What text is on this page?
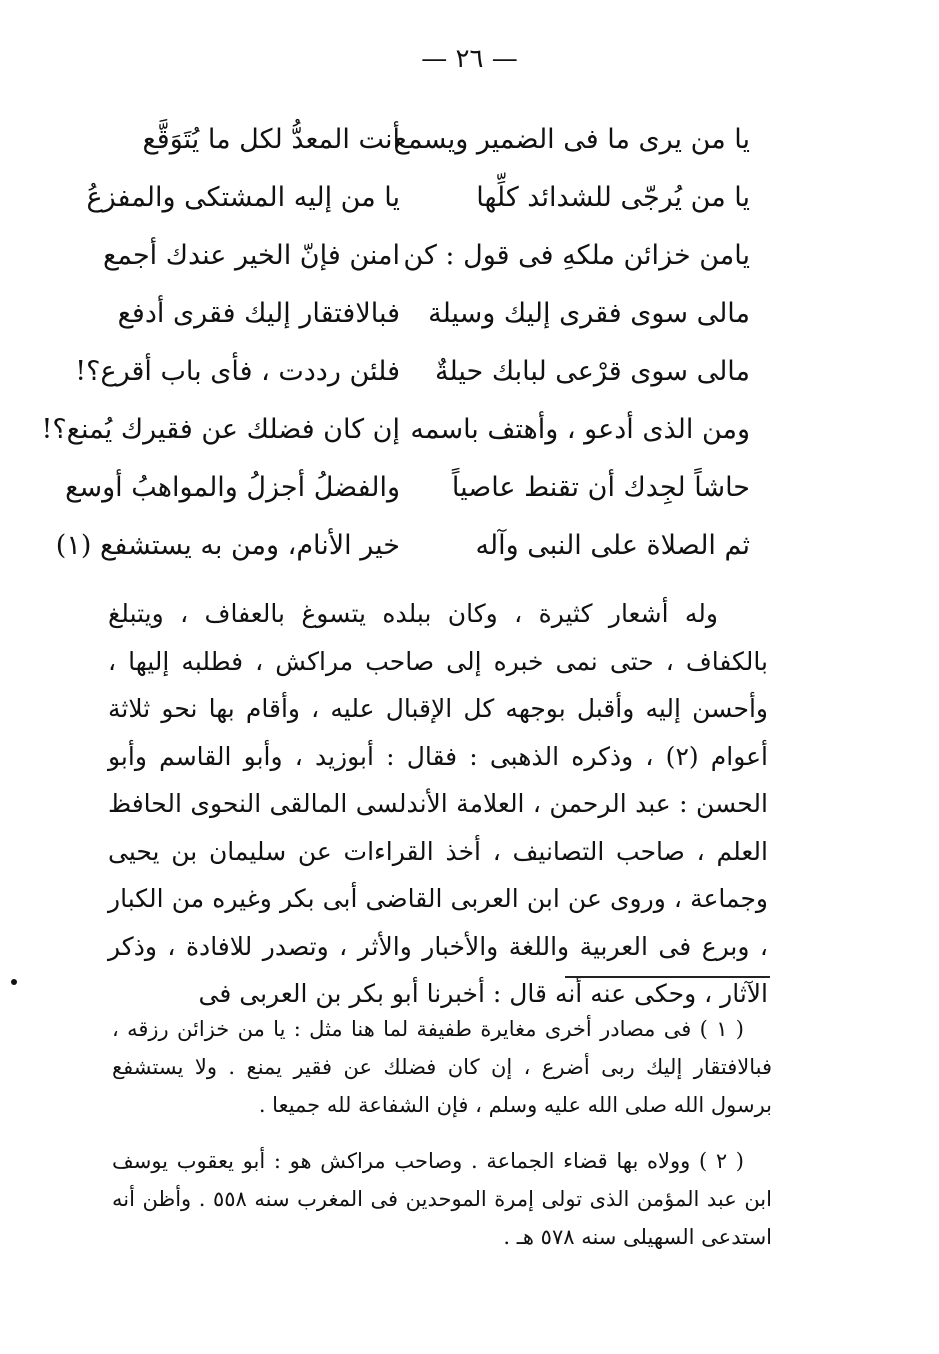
— ٢٦ —
يا من يرى ما فى الضمير ويسمع
أنت المعدُّ لكل ما يُتَوَقَّع
يا من يُرجّى للشدائد كلِّها
يا من إليه المشتكى والمفزعُ
يامن خزائن ملكهِ فى قول : كن
امنن فإنّ الخير عندك أجمع
مالى سوى فقرى إليك وسيلة
فبالافتقار إليك فقرى أدفع
مالى سوى قرْعى لبابك حيلةٌ
فلئن رددت ، فأى باب أقرع؟!
ومن الذى أدعو ، وأهتف باسمه
إن كان فضلك عن فقيرك يُمنع؟!
حاشاً لجِدك أن تقنط عاصياً
والفضلُ أجزلُ والمواهبُ أوسع
ثم الصلاة على النبى وآله
خير الأنام، ومن به يستشفع (١)

وله أشعار كثيرة ، وكان ببلده يتسوغ بالعفاف ، ويتبلغ بالكفاف ، حتى نمى خبره إلى صاحب مراكش ، فطلبه إليها ، وأحسن إليه وأقبل بوجهه كل الإقبال عليه ، وأقام بها نحو ثلاثة أعوام (٢) ، وذكره الذهبى : فقال : أبوزيد ، وأبو القاسم وأبو الحسن : عبد الرحمن ، العلامة الأندلسى المالقى النحوى الحافظ العلم ، صاحب التصانيف ، أخذ القراءات عن سليمان بن يحيى وجماعة ، وروى عن ابن العربى القاضى أبى بكر وغيره من الكبار ، وبرع فى العربية واللغة والأخبار والأثر ، وتصدر للافادة ، وذكر الآثار ، وحكى عنه أنه قال : أخبرنا أبو بكر بن العربى فى

( ١ ) فى مصادر أخرى مغايرة طفيفة لما هنا مثل : يا من خزائن رزقه ، فبالافتقار إليك ربى أضرع ، إن كان فضلك عن فقير يمنع . ولا يستشفع برسول الله صلى الله عليه وسلم ، فإن الشفاعة لله جميعا .

( ٢ ) وولاه بها قضاء الجماعة . وصاحب مراكش هو : أبو يعقوب يوسف ابن عبد المؤمن الذى تولى إمرة الموحدين فى المغرب سنه ٥٥٨ . وأظن أنه استدعى السهيلى سنه ٥٧٨ هـ .
